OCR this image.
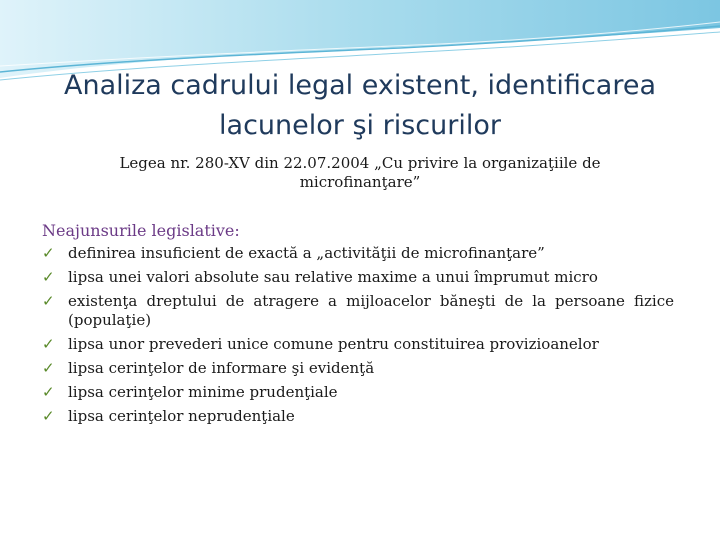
Analiza cadrului legal existent, identificarea lacunelor şi riscurilor
Legea nr. 280-XV din 22.07.2004 „Cu privire la organizaţiile de microfinanţare”
Neajunsurile legislative:
✓ definirea insuficient de exactă a „activităţii de microfinanţare”
✓ lipsa unei valori absolute sau relative maxime a unui împrumut micro
✓ existenţa dreptului de atragere a mijloacelor băneşti de la persoane fizice (populaţie)
✓ lipsa unor prevederi unice comune pentru constituirea provizioanelor
✓ lipsa cerinţelor de informare şi evidenţă
✓ lipsa cerinţelor minime prudenţiale
✓ lipsa cerinţelor neprudenţiale
